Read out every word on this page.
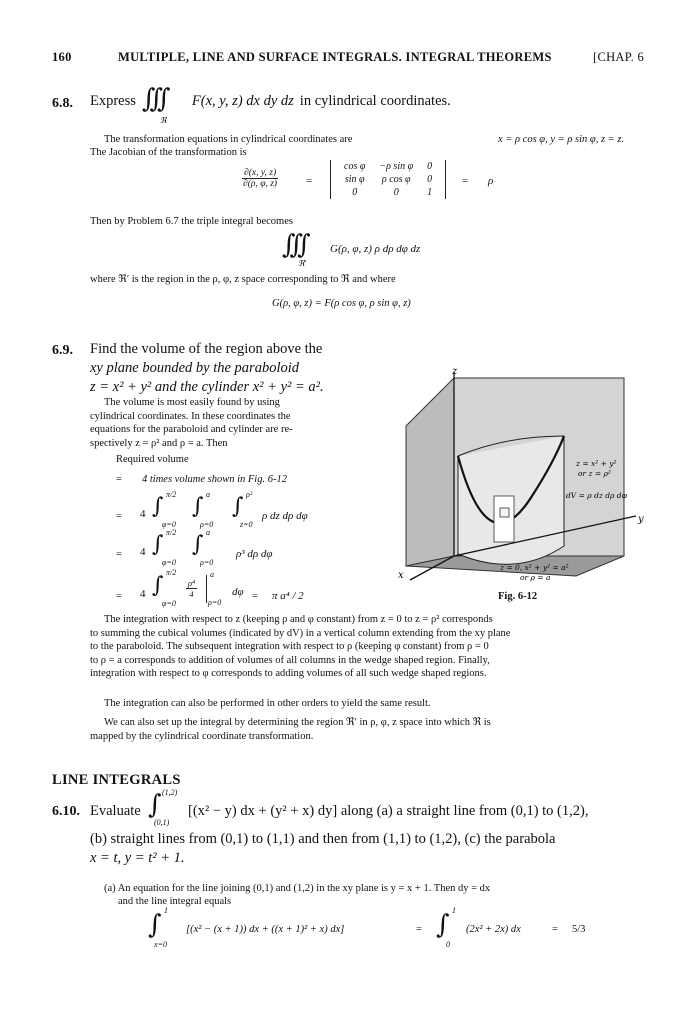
160	MULTIPLE, LINE AND SURFACE INTEGRALS. INTEGRAL THEOREMS	[CHAP. 6
6.8. Express ∫∫∫
ℜ
F(x, y, z) dx dy dz in cylindrical coordinates.
The transformation equations in cylindrical coordinates are	x = ρ cos φ, y = ρ sin φ, z = z.
The Jacobian of the transformation is
$\frac{\partial(x, y, z)}{\partial(\rho, \varphi, z)}$	=
cos φ	−ρ sin φ	0
sin φ	ρ cos φ	0
0	0	1
= ρ
Then by Problem 6.7 the triple integral becomes
∫∫∫
ℜ′
G(ρ, φ, z) ρ dρ dφ dz
where ℜ′ is the region in the ρ, φ, z space corresponding to ℜ and where
G(ρ, φ, z) = F(ρ cos φ, ρ sin φ, z)
6.9. Find the volume of the region above the
xy plane bounded by the paraboloid
z = x² + y² and the cylinder x² + y² = a².
The volume is most easily found by using
cylindrical coordinates. In these coordinates the
equations for the paraboloid and cylinder are re-
spectively z = ρ² and ρ = a. Then
Required volume
= 4 times volume shown in Fig. 6-12
= 4 ∫ π/2
φ=0
∫ a
ρ=0
∫ ρ²
z=0
ρ dz dρ dφ
= 4 ∫ π/2
φ=0
∫ a
ρ=0
ρ³ dρ dφ
= 4 ∫
π/2
φ=0
$\frac{\text{ρ⁴}}{4}$
a
ρ=0
dφ = π a⁴ / 2
z
x
y
z = x² + y²
or z = ρ²
dV = ρ dz dρ dφ
z = 0, x² + y² = a²
or ρ = a
Fig. 6-12
The integration with respect to z (keeping ρ and φ constant) from z = 0 to z = ρ² corresponds
to summing the cubical volumes (indicated by dV) in a vertical column extending from the xy plane
to the paraboloid. The subsequent integration with respect to ρ (keeping φ constant) from ρ = 0
to ρ = a corresponds to addition of volumes of all columns in the wedge shaped region. Finally,
integration with respect to φ corresponds to adding volumes of all such wedge shaped regions.
The integration can also be performed in other orders to yield the same result.
We can also set up the integral by determining the region ℜ′ in ρ, φ, z space into which ℜ is
mapped by the cylindrical coordinate transformation.
LINE INTEGRALS
6.10. Evaluate ∫ (1,2)
(0,1)
[(x² − y) dx + (y² + x) dy] along (a) a straight line from (0,1) to (1,2),
(b) straight lines from (0,1) to (1,1) and then from (1,1) to (1,2), (c) the parabola
x = t, y = t² + 1.
(a) An equation for the line joining (0,1) and (1,2) in the xy plane is y = x + 1. Then dy = dx
and the line integral equals
∫ 1
x=0
[(x² − (x + 1)) dx + ((x + 1)² + x) dx]	= ∫ 1
0
(2x² + 2x) dx	= 5/3
